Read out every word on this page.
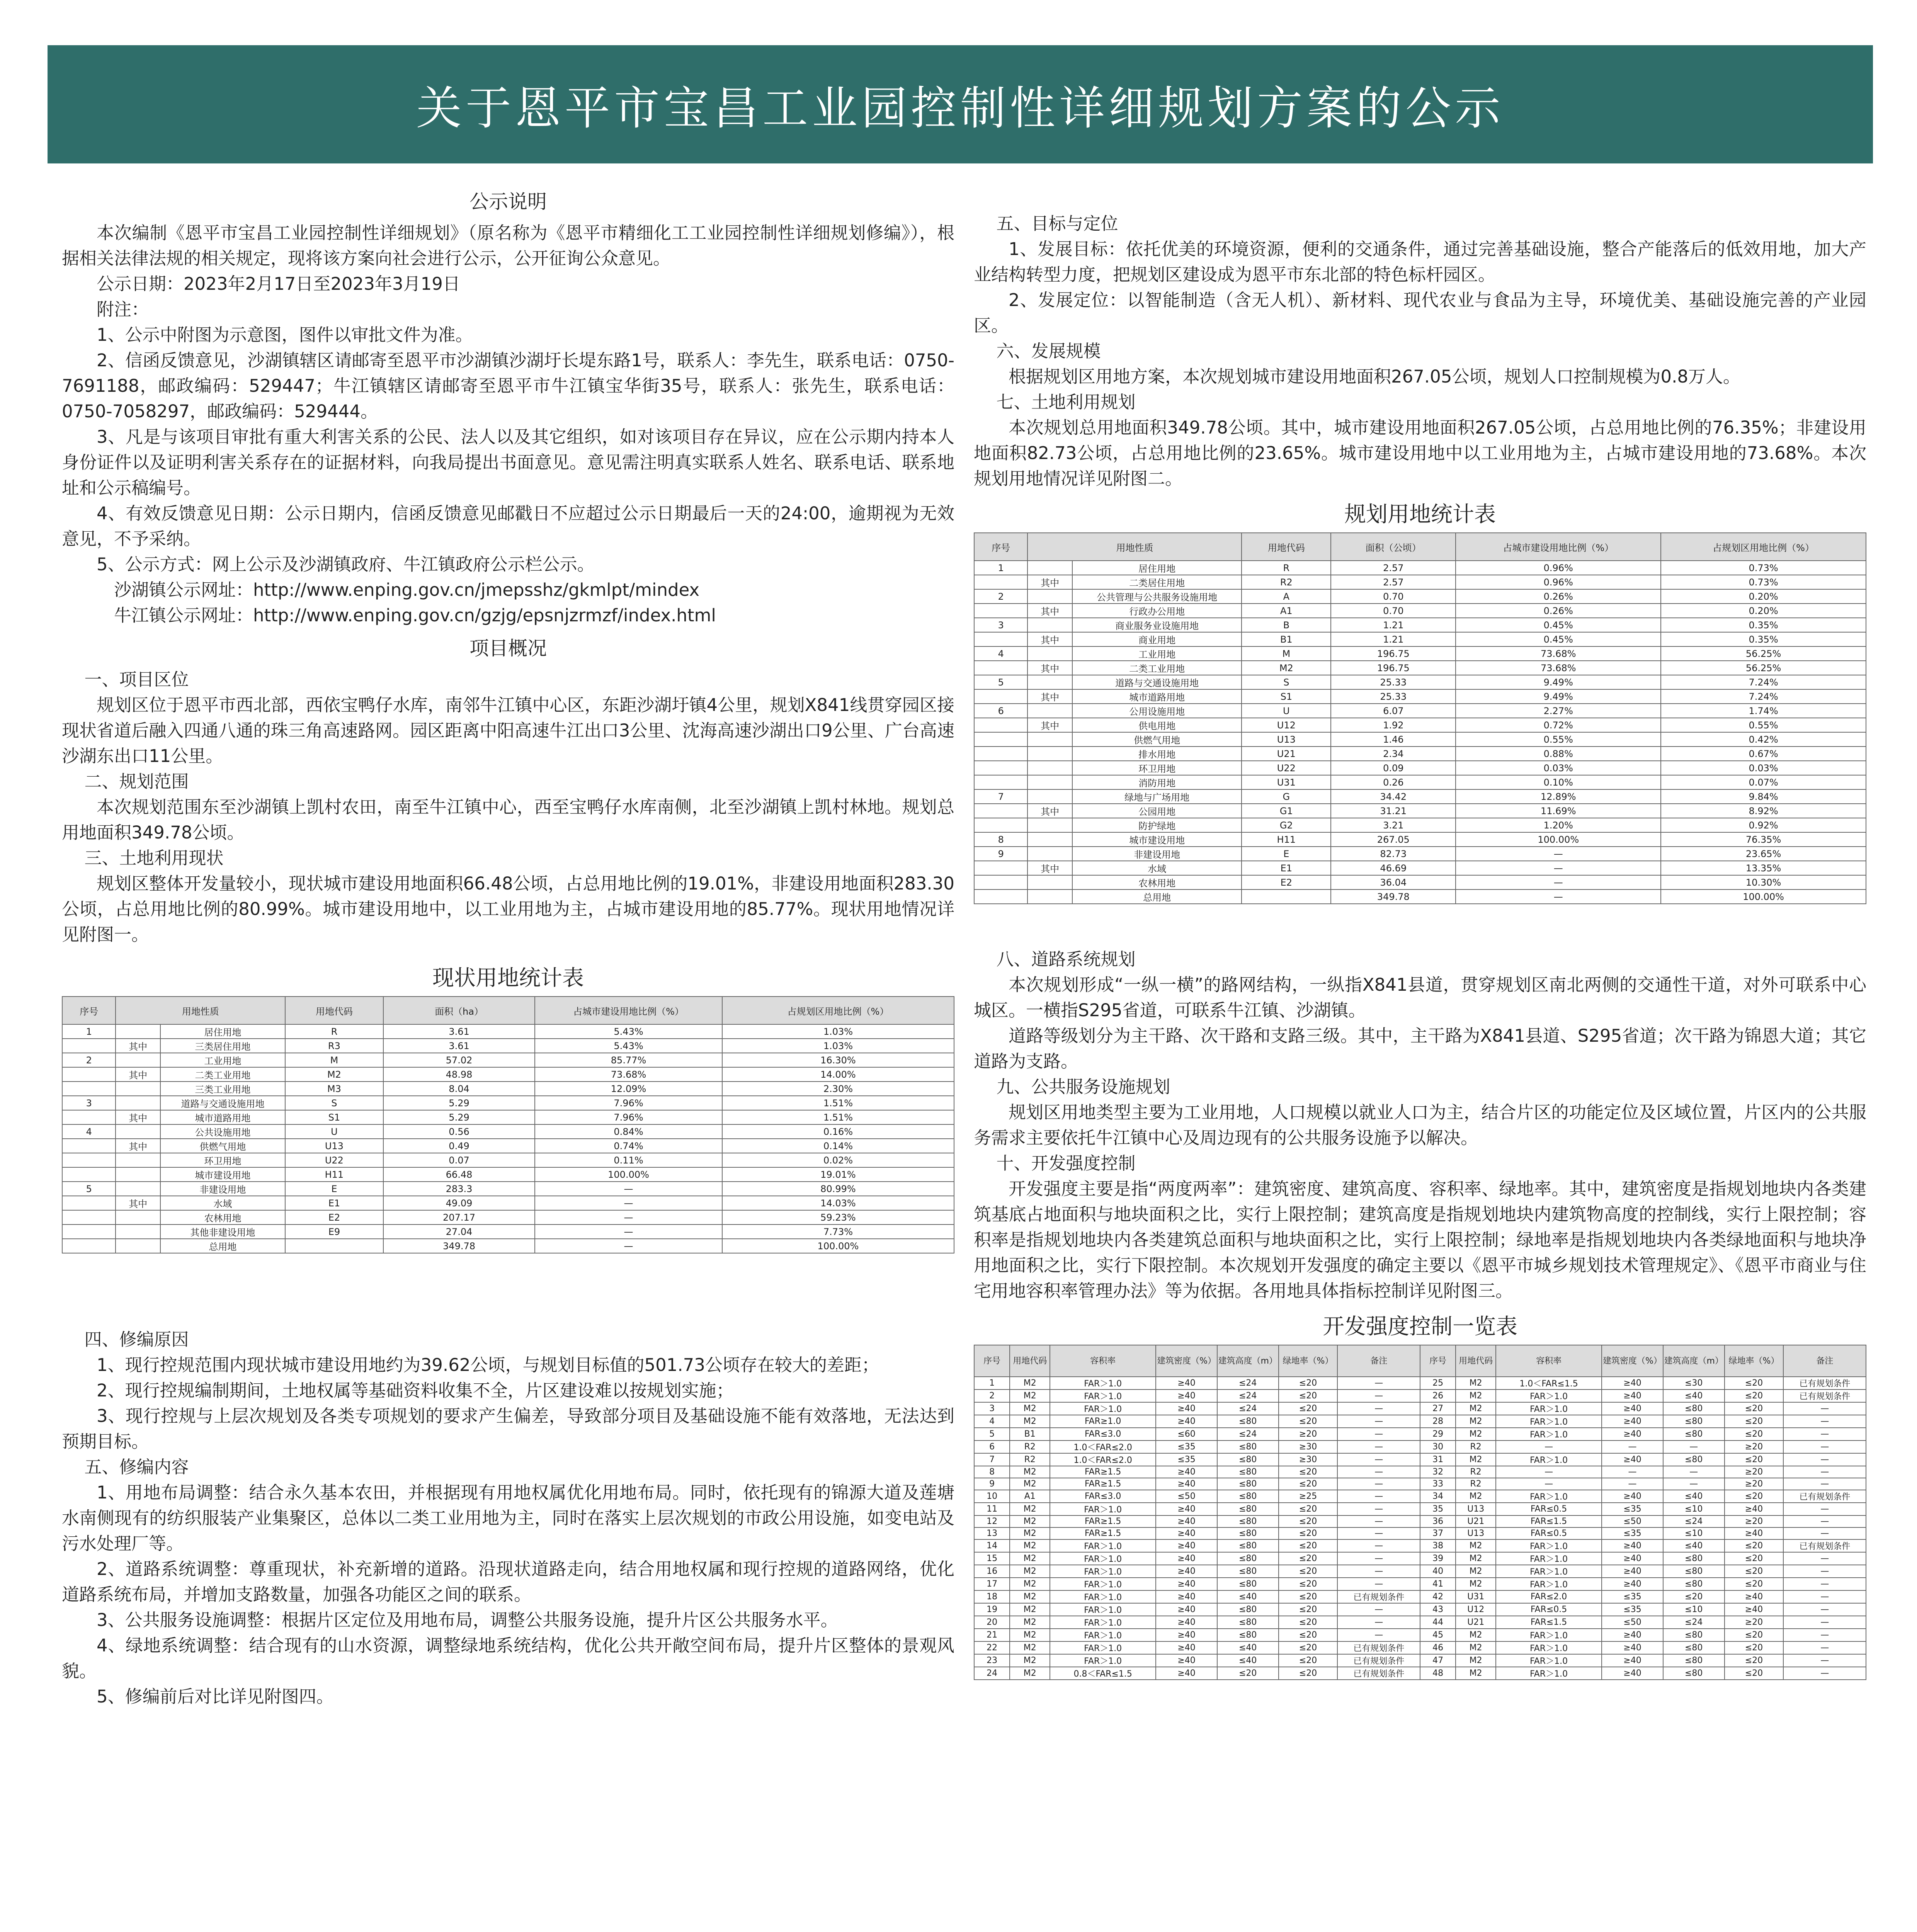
关于恩平市宝昌工业园控制性详细规划方案的公示
公示说明

本次编制《恩平市宝昌工业园控制性详细规划》（原名称为《恩平市精细化工工业园控制性详细规划修编》），根据相关法律法规的相关规定，现将该方案向社会进行公示，公开征询公众意见。

公示日期：2023年2月17日至2023年3月19日

附注：

1、公示中附图为示意图，图件以审批文件为准。

2、信函反馈意见，沙湖镇辖区请邮寄至恩平市沙湖镇沙湖圩长堤东路1号，联系人：李先生，联系电话：0750-7691188，邮政编码：529447；牛江镇辖区请邮寄至恩平市牛江镇宝华街35号，联系人：张先生，联系电话：0750-7058297，邮政编码：529444。

3、凡是与该项目审批有重大利害关系的公民、法人以及其它组织，如对该项目存在异议，应在公示期内持本人身份证件以及证明利害关系存在的证据材料，向我局提出书面意见。意见需注明真实联系人姓名、联系电话、联系地址和公示稿编号。

4、有效反馈意见日期：公示日期内，信函反馈意见邮戳日不应超过公示日期最后一天的24:00，逾期视为无效意见，不予采纳。

5、公示方式：网上公示及沙湖镇政府、牛江镇政府公示栏公示。

沙湖镇公示网址：http://www.enping.gov.cn/jmepsshz/gkmlpt/mindex

牛江镇公示网址：http://www.enping.gov.cn/gzjg/epsnjzrmzf/index.html

项目概况
一、项目区位

规划区位于恩平市西北部，西依宝鸭仔水库，南邻牛江镇中心区，东距沙湖圩镇4公里，规划X841线贯穿园区接现状省道后融入四通八通的珠三角高速路网。园区距离中阳高速牛江出口3公里、沈海高速沙湖出口9公里、广台高速沙湖东出口11公里。

二、规划范围

本次规划范围东至沙湖镇上凯村农田，南至牛江镇中心，西至宝鸭仔水库南侧，北至沙湖镇上凯村林地。规划总用地面积349.78公顷。

三、土地利用现状

规划区整体开发量较小，现状城市建设用地面积66.48公顷，占总用地比例的19.01%，非建设用地面积283.30公顷，占总用地比例的80.99%。城市建设用地中，以工业用地为主，占城市建设用地的85.77%。现状用地情况详见附图一。

现状用地统计表
序号	用地性质		用地代码	面积（ha）	占城市建设用地比例（%）	占规划区用地比例（%）
1		居住用地	R	3.61	5.43%	1.03%
	其中	三类居住用地	R3	3.61	5.43%	1.03%
2		工业用地	M	57.02	85.77%	16.30%
	其中	二类工业用地	M2	48.98	73.68%	14.00%
		三类工业用地	M3	8.04	12.09%	2.30%
3		道路与交通设施用地	S	5.29	7.96%	1.51%
	其中	城市道路用地	S1	5.29	7.96%	1.51%
4		公共设施用地	U	0.56	0.84%	0.16%
	其中	供燃气用地	U13	0.49	0.74%	0.14%
		环卫用地	U22	0.07	0.11%	0.02%
		城市建设用地	H11	66.48	100.00%	19.01%
5		非建设用地	E	283.3	—	80.99%
	其中	水域	E1	49.09	—	14.03%
		农林用地	E2	207.17	—	59.23%
		其他非建设用地	E9	27.04	—	7.73%
		总用地		349.78	—	100.00%
四、修编原因

1、现行控规范围内现状城市建设用地约为39.62公顷，与规划目标值的501.73公顷存在较大的差距；

2、现行控规编制期间，土地权属等基础资料收集不全，片区建设难以按规划实施；

3、现行控规与上层次规划及各类专项规划的要求产生偏差，导致部分项目及基础设施不能有效落地，无法达到预期目标。

五、修编内容

1、用地布局调整：结合永久基本农田，并根据现有用地权属优化用地布局。同时，依托现有的锦源大道及莲塘水南侧现有的纺织服装产业集聚区，总体以二类工业用地为主，同时在落实上层次规划的市政公用设施，如变电站及污水处理厂等。

2、道路系统调整：尊重现状，补充新增的道路。沿现状道路走向，结合用地权属和现行控规的道路网络，优化道路系统布局，并增加支路数量，加强各功能区之间的联系。

3、公共服务设施调整：根据片区定位及用地布局，调整公共服务设施，提升片区公共服务水平。

4、绿地系统调整：结合现有的山水资源，调整绿地系统结构，优化公共开敞空间布局，提升片区整体的景观风貌。

5、修编前后对比详见附图四。

五、目标与定位

1、发展目标：依托优美的环境资源，便利的交通条件，通过完善基础设施，整合产能落后的低效用地，加大产业结构转型力度，把规划区建设成为恩平市东北部的特色标杆园区。

2、发展定位：以智能制造（含无人机）、新材料、现代农业与食品为主导，环境优美、基础设施完善的产业园区。

六、发展规模

根据规划区用地方案，本次规划城市建设用地面积267.05公顷，规划人口控制规模为0.8万人。

七、土地利用规划

本次规划总用地面积349.78公顷。其中，城市建设用地面积267.05公顷，占总用地比例的76.35%；非建设用地面积82.73公顷，占总用地比例的23.65%。城市建设用地中以工业用地为主，占城市建设用地的73.68%。本次规划用地情况详见附图二。

规划用地统计表
序号	用地性质		用地代码	面积（公顷）	占城市建设用地比例（%）	占规划区用地比例（%）
1			居住用地	R	2.57	0.96%	0.73%
	其中		二类居住用地	R2	2.57	0.96%	0.73%
2			公共管理与公共服务设施用地	A	0.70	0.26%	0.20%
	其中		行政办公用地	A1	0.70	0.26%	0.20%
3			商业服务业设施用地	B	1.21	0.45%	0.35%
	其中		商业用地	B1	1.21	0.45%	0.35%
4			工业用地	M	196.75	73.68%	56.25%
	其中		二类工业用地	M2	196.75	73.68%	56.25%
5			道路与交通设施用地	S	25.33	9.49%	7.24%
	其中		城市道路用地	S1	25.33	9.49%	7.24%
6			公用设施用地	U	6.07	2.27%	1.74%
	其中		供电用地	U12	1.92	0.72%	0.55%
			供燃气用地	U13	1.46	0.55%	0.42%
			排水用地	U21	2.34	0.88%	0.67%
			环卫用地	U22	0.09	0.03%	0.03%
			消防用地	U31	0.26	0.10%	0.07%
7			绿地与广场用地	G	34.42	12.89%	9.84%
	其中		公园用地	G1	31.21	11.69%	8.92%
			防护绿地	G2	3.21	1.20%	0.92%
8			城市建设用地	H11	267.05	100.00%	76.35%
9			非建设用地	E	82.73	—	23.65%
	其中		水域	E1	46.69	—	13.35%
			农林用地	E2	36.04	—	10.30%
			总用地		349.78	—	100.00%
八、道路系统规划

本次规划形成“一纵一横”的路网结构，一纵指X841县道，贯穿规划区南北两侧的交通性干道，对外可联系中心城区。一横指S295省道，可联系牛江镇、沙湖镇。

道路等级划分为主干路、次干路和支路三级。其中，主干路为X841县道、S295省道；次干路为锦恩大道；其它道路为支路。

九、公共服务设施规划

规划区用地类型主要为工业用地，人口规模以就业人口为主，结合片区的功能定位及区域位置，片区内的公共服务需求主要依托牛江镇中心及周边现有的公共服务设施予以解决。

十、开发强度控制

开发强度主要是指“两度两率”：建筑密度、建筑高度、容积率、绿地率。其中，建筑密度是指规划地块内各类建筑基底占地面积与地块面积之比，实行上限控制；建筑高度是指规划地块内建筑物高度的控制线，实行上限控制；容积率是指规划地块内各类建筑总面积与地块面积之比，实行上限控制；绿地率是指规划地块内各类绿地面积与地块净用地面积之比，实行下限控制。本次规划开发强度的确定主要以《恩平市城乡规划技术管理规定》、《恩平市商业与住宅用地容积率管理办法》等为依据。各用地具体指标控制详见附图三。

开发强度控制一览表
序号	用地代码	容积率	建筑密度（%）	建筑高度（m）	绿地率（%）	备注	序号	用地代码	容积率	建筑密度（%）	建筑高度（m）	绿地率（%）	备注
1	M2	FAR＞1.0	≥40	≤24	≤20	—	25	M2	1.0＜FAR≤1.5	≥40	≤30	≤20	已有规划条件
2	M2	FAR＞1.0	≥40	≤24	≤20	—	26	M2	FAR＞1.0	≥40	≤40	≤20	已有规划条件
3	M2	FAR＞1.0	≥40	≤24	≤20	—	27	M2	FAR＞1.0	≥40	≤80	≤20	—
4	M2	FAR≥1.0	≥40	≤80	≤20	—	28	M2	FAR＞1.0	≥40	≤80	≤20	—
5	B1	FAR≤3.0	≤60	≤24	≥20	—	29	M2	FAR＞1.0	≥40	≤80	≤20	—
6	R2	1.0＜FAR≤2.0	≤35	≤80	≥30	—	30	R2	—	—	—	≥20	—
7	R2	1.0＜FAR≤2.0	≤35	≤80	≥30	—	31	M2	FAR＞1.0	≥40	≤80	≤20	—
8	M2	FAR≥1.5	≥40	≤80	≤20	—	32	R2	—	—	—	≥20	—
9	M2	FAR≥1.5	≥40	≤80	≤20	—	33	R2	—	—	—	≥20	—
10	A1	FAR≤3.0	≤50	≤80	≥25	—	34	M2	FAR＞1.0	≥40	≤40	≤20	已有规划条件
11	M2	FAR＞1.0	≥40	≤80	≤20	—	35	U13	FAR≤0.5	≤35	≤10	≥40	—
12	M2	FAR≥1.5	≥40	≤80	≤20	—	36	U21	FAR≤1.5	≤50	≤24	≥20	—
13	M2	FAR≥1.5	≥40	≤80	≤20	—	37	U13	FAR≤0.5	≤35	≤10	≥40	—
14	M2	FAR＞1.0	≥40	≤80	≤20	—	38	M2	FAR＞1.0	≥40	≤40	≤20	已有规划条件
15	M2	FAR＞1.0	≥40	≤80	≤20	—	39	M2	FAR＞1.0	≥40	≤80	≤20	—
16	M2	FAR＞1.0	≥40	≤80	≤20	—	40	M2	FAR＞1.0	≥40	≤80	≤20	—
17	M2	FAR＞1.0	≥40	≤80	≤20	—	41	M2	FAR＞1.0	≥40	≤80	≤20	—
18	M2	FAR＞1.0	≥40	≤40	≤20	已有规划条件	42	U31	FAR≤2.0	≤35	≤20	≥40	—
19	M2	FAR＞1.0	≥40	≤80	≤20	—	43	U12	FAR≤0.5	≤35	≤10	≥40	—
20	M2	FAR＞1.0	≥40	≤80	≤20	—	44	U21	FAR≤1.5	≤50	≤24	≥20	—
21	M2	FAR＞1.0	≥40	≤80	≤20	—	45	M2	FAR＞1.0	≥40	≤80	≤20	—
22	M2	FAR＞1.0	≥40	≤40	≤20	已有规划条件	46	M2	FAR＞1.0	≥40	≤80	≤20	—
23	M2	FAR＞1.0	≥40	≤40	≤20	已有规划条件	47	M2	FAR＞1.0	≥40	≤80	≤20	—
24	M2	0.8＜FAR≤1.5	≥40	≤20	≤20	已有规划条件	48	M2	FAR＞1.0	≥40	≤80	≤20	—
